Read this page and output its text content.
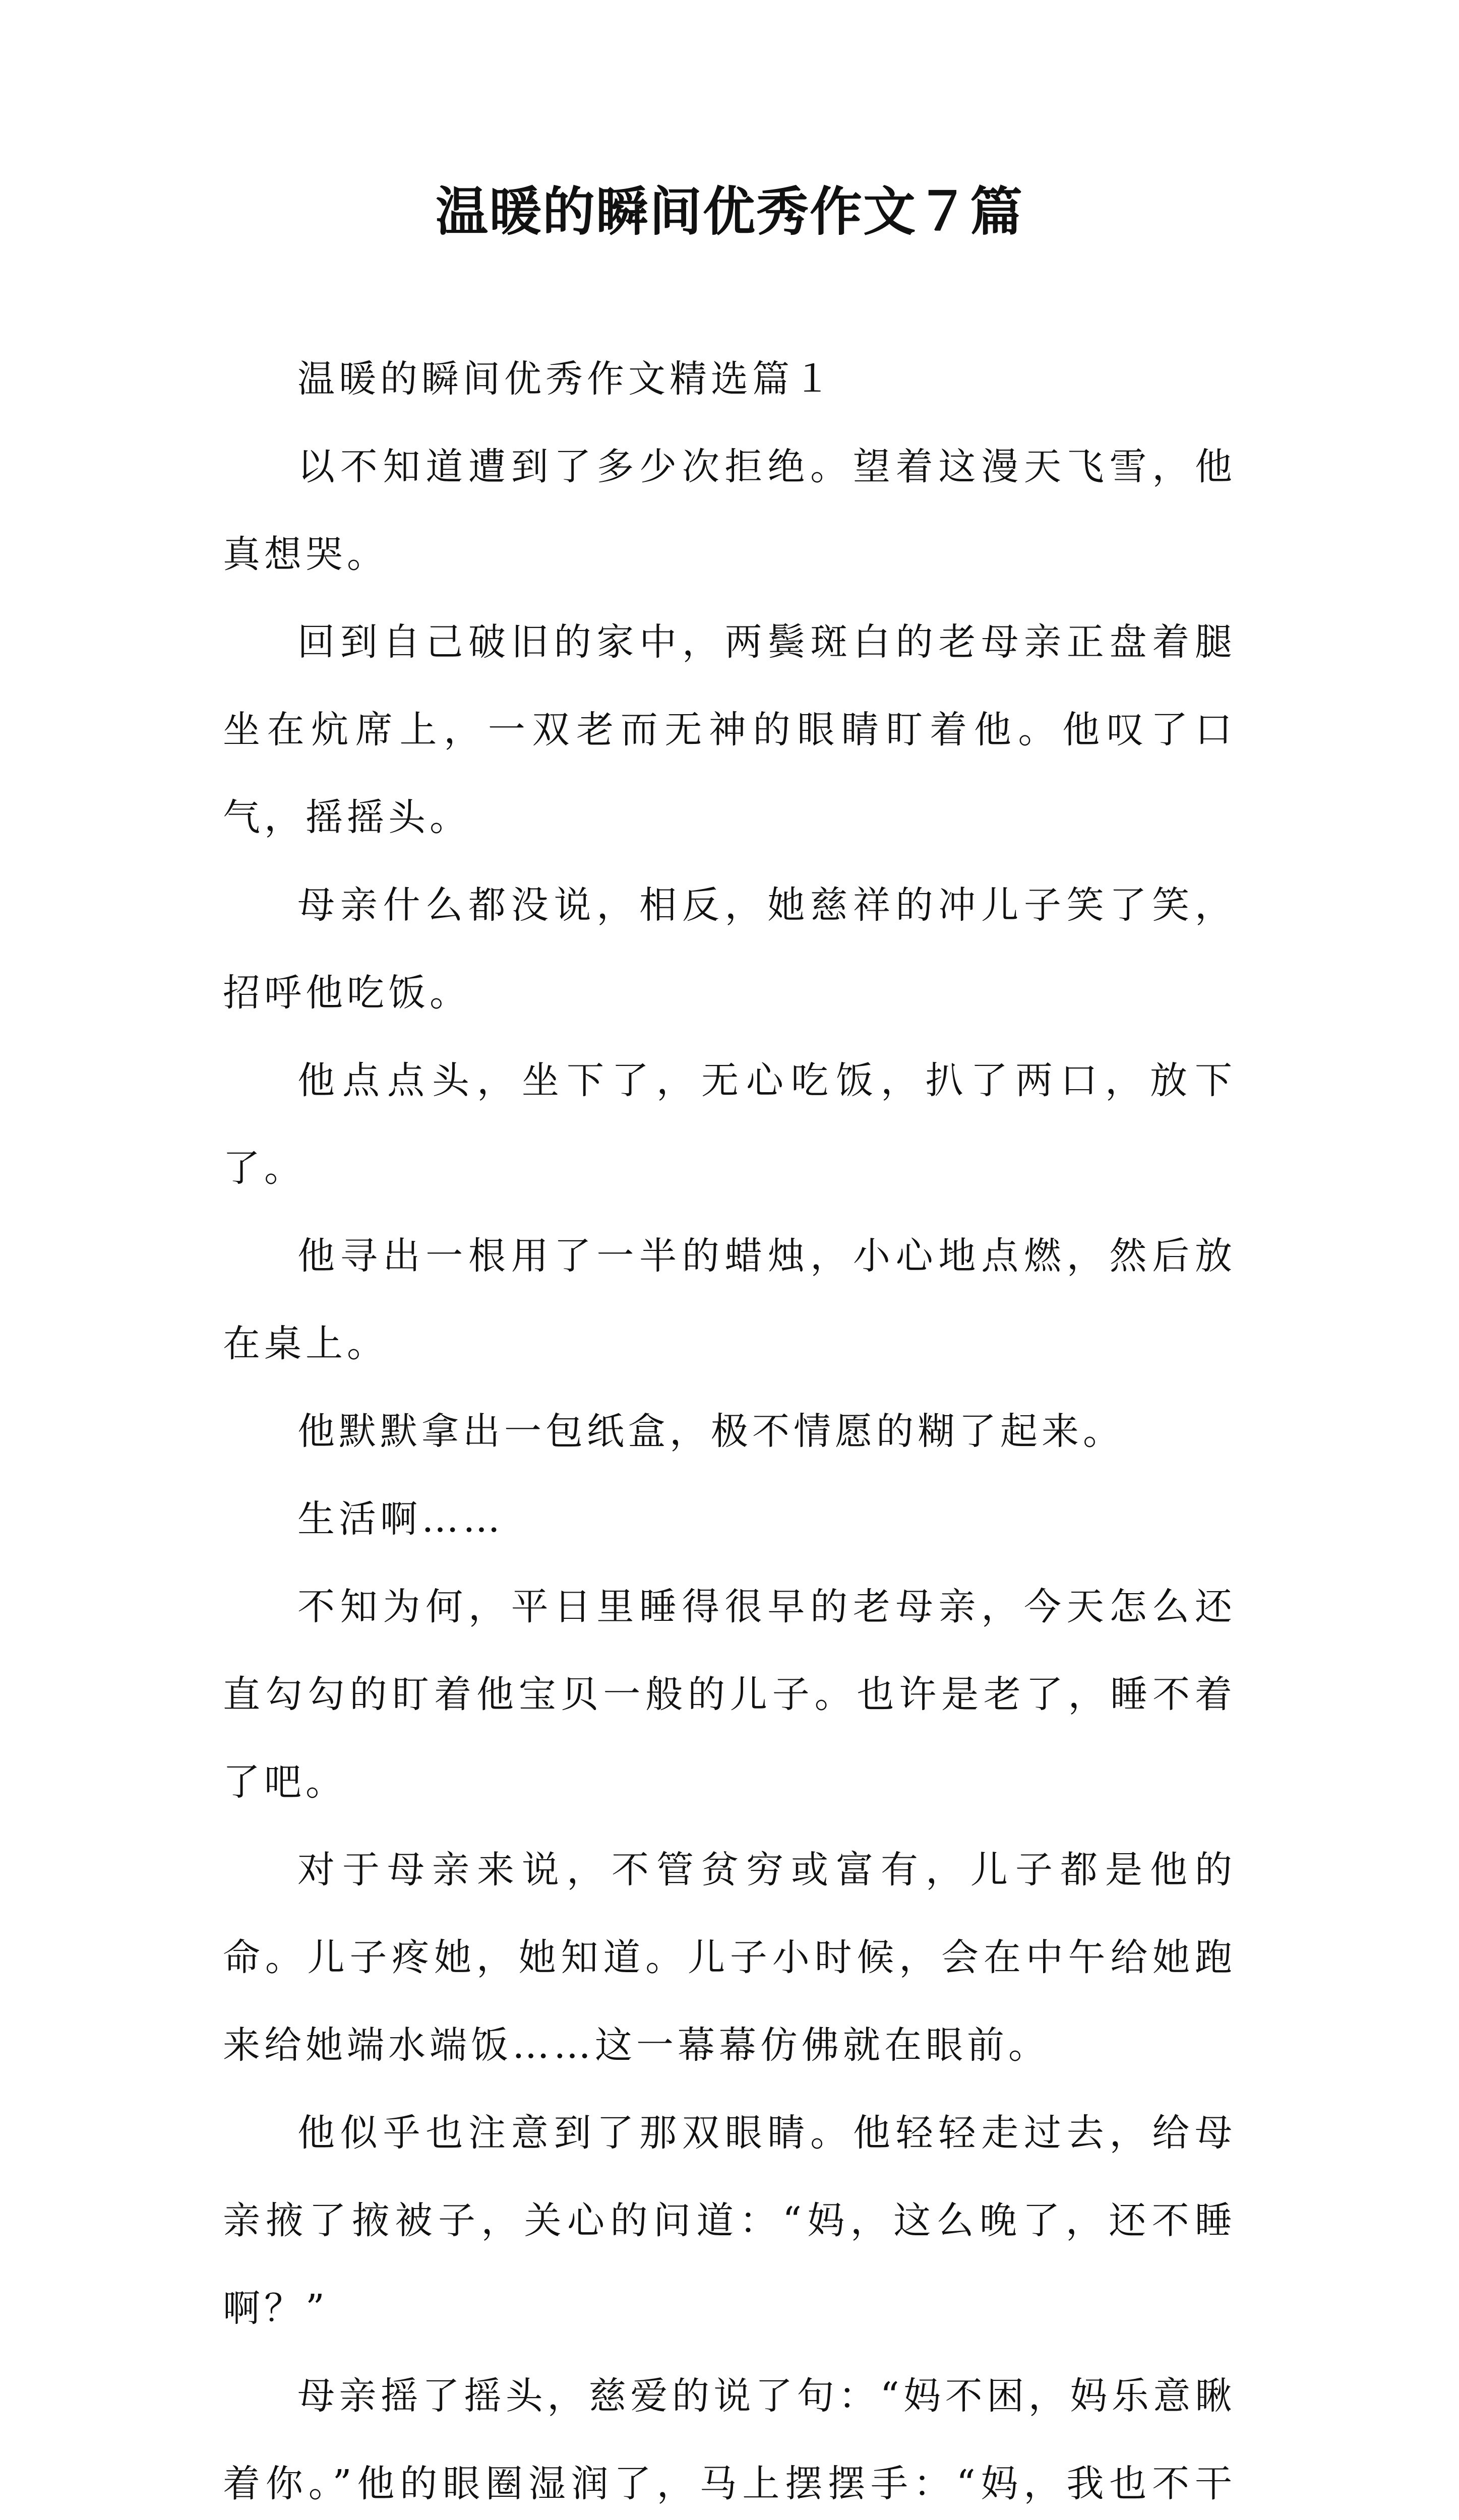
温暖的瞬间优秀作文７篇

温暖的瞬间优秀作文精选篇１

以不知道遭到了多少次拒绝。望着这漫天飞雪，他真想哭。

回到自己破旧的家中，两鬓斑白的老母亲正盘着腿坐在炕席上，一双老而无神的眼睛盯着他。他叹了口气，摇摇头。

母亲什么都没说，相反，她慈祥的冲儿子笑了笑，招呼他吃饭。

他点点头，坐下了，无心吃饭，扒了两口，放下了。

他寻出一根用了一半的蜡烛，小心地点燃，然后放在桌上。

他默默拿出一包纸盒，极不情愿的糊了起来。

生活啊……

不知为何，平日里睡得很早的老母亲，今天怎么还直勾勾的盯着他宝贝一般的儿子。也许是老了，睡不着了吧。

对于母亲来说，不管贫穷或富有，儿子都是他的命。儿子疼她，她知道。儿子小时候，会在中午给她跑来给她端水端饭……这一幕幕仿佛就在眼前。

他似乎也注意到了那双眼睛。他轻轻走过去，给母亲掖了掖被子，关心的问道：“妈，这么晚了，还不睡啊？”

母亲摇了摇头，慈爱的说了句：“妈不困，妈乐意瞅着你。”他的眼圈湿润了，马上摆摆手：“妈，我也不干
